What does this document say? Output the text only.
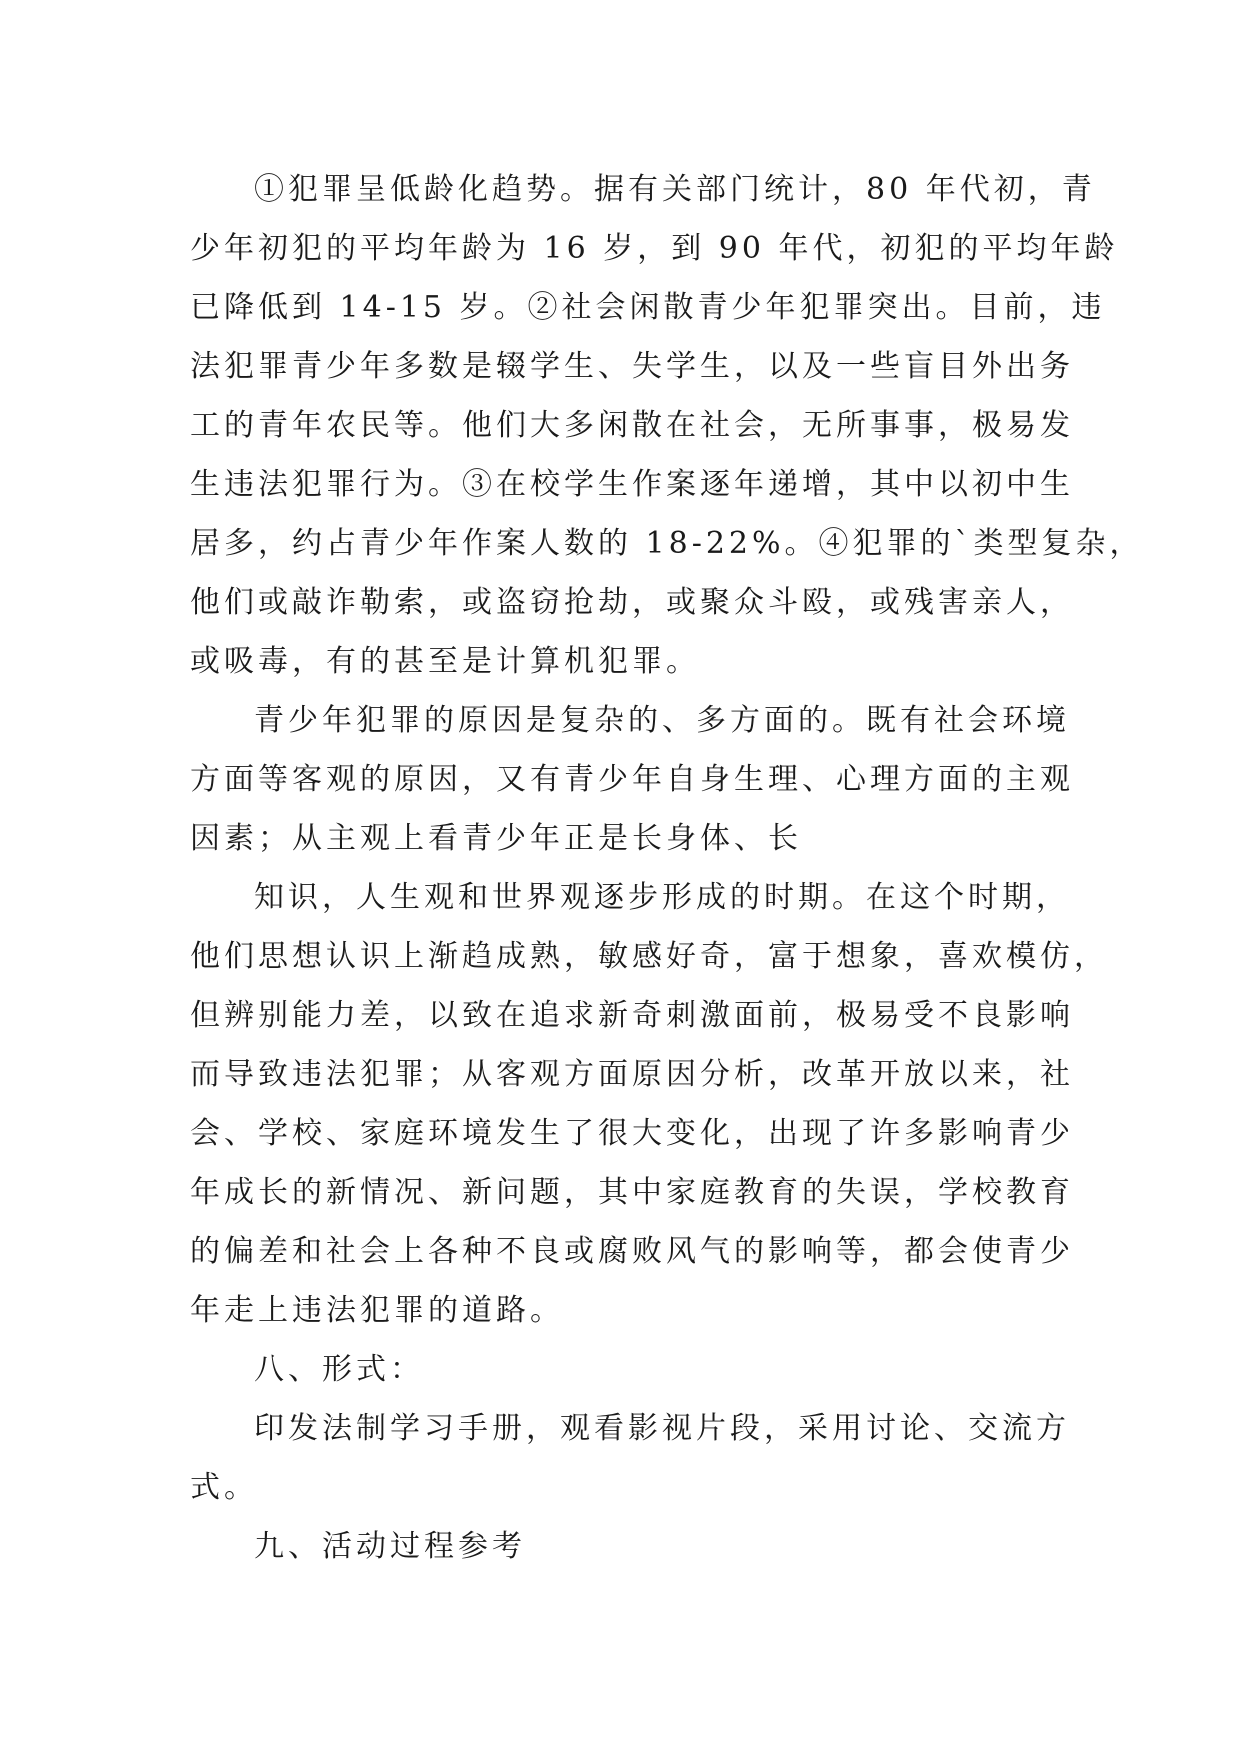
①犯罪呈低龄化趋势。据有关部门统计，80 年代初，青
少年初犯的平均年龄为 16 岁，到 90 年代，初犯的平均年龄
已降低到 14-15 岁。②社会闲散青少年犯罪突出。目前，违
法犯罪青少年多数是辍学生、失学生，以及一些盲目外出务
工的青年农民等。他们大多闲散在社会，无所事事，极易发
生违法犯罪行为。③在校学生作案逐年递增，其中以初中生
居多，约占青少年作案人数的 18-22%。④犯罪的`类型复杂，
他们或敲诈勒索，或盗窃抢劫，或聚众斗殴，或残害亲人，
或吸毒，有的甚至是计算机犯罪。
青少年犯罪的原因是复杂的、多方面的。既有社会环境
方面等客观的原因，又有青少年自身生理、心理方面的主观
因素；从主观上看青少年正是长身体、长
知识，人生观和世界观逐步形成的时期。在这个时期，
他们思想认识上渐趋成熟，敏感好奇，富于想象，喜欢模仿，
但辨别能力差，以致在追求新奇刺激面前，极易受不良影响
而导致违法犯罪；从客观方面原因分析，改革开放以来，社
会、学校、家庭环境发生了很大变化，出现了许多影响青少
年成长的新情况、新问题，其中家庭教育的失误，学校教育
的偏差和社会上各种不良或腐败风气的影响等，都会使青少
年走上违法犯罪的道路。
八、形式：
印发法制学习手册，观看影视片段，采用讨论、交流方
式。
九、活动过程参考
